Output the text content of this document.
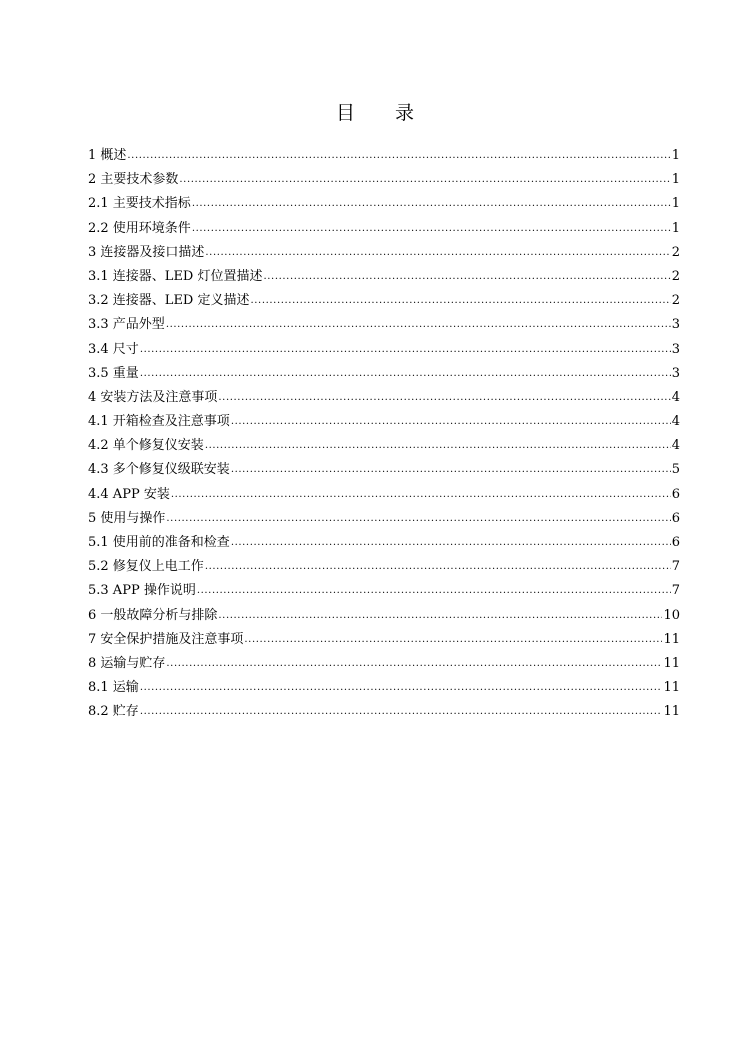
目 录
1 概述 .....	1
2 主要技术参数 .....	1
2.1 主要技术指标 .....	1
2.2 使用环境条件 .....	1
3 连接器及接口描述 .....	2
3.1 连接器、LED 灯位置描述 .....	2
3.2 连接器、LED 定义描述 .....	2
3.3 产品外型 .....	3
3.4 尺寸 .....	3
3.5 重量 .....	3
4 安装方法及注意事项 .....	4
4.1 开箱检查及注意事项 .....	4
4.2 单个修复仪安装 .....	4
4.3 多个修复仪级联安装 .....	5
4.4 APP 安装 .....	6
5 使用与操作 .....	6
5.1 使用前的准备和检查 .....	6
5.2 修复仪上电工作 .....	7
5.3 APP 操作说明 .....	7
6 一般故障分析与排除 .....	10
7 安全保护措施及注意事项 .....	11
8 运输与贮存 .....	11
8.1 运输 .....	11
8.2 贮存 .....	11
